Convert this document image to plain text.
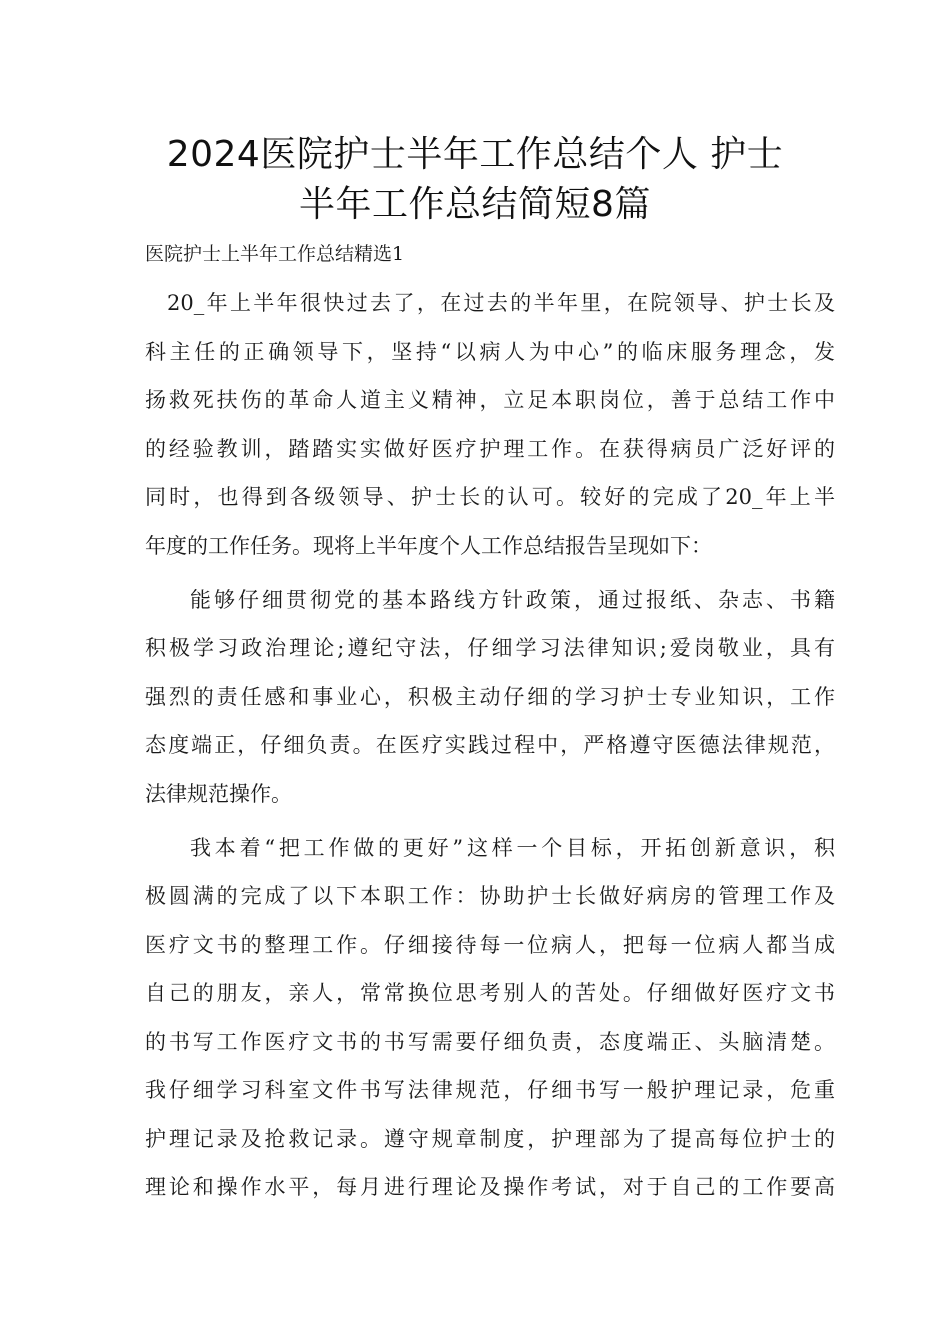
2024医院护士半年工作总结个人 护士
半年工作总结简短8篇
医院护士上半年工作总结精选1
20_年上半年很快过去了，在过去的半年里，在院领导、护士长及
科主任的正确领导下，坚持“以病人为中心”的临床服务理念，发
扬救死扶伤的革命人道主义精神，立足本职岗位，善于总结工作中
的经验教训，踏踏实实做好医疗护理工作。在获得病员广泛好评的
同时，也得到各级领导、护士长的认可。较好的完成了20_年上半
年度的工作任务。现将上半年度个人工作总结报告呈现如下：
能够仔细贯彻党的基本路线方针政策，通过报纸、杂志、书籍
积极学习政治理论;遵纪守法，仔细学习法律知识;爱岗敬业，具有
强烈的责任感和事业心，积极主动仔细的学习护士专业知识，工作
态度端正，仔细负责。在医疗实践过程中，严格遵守医德法律规范，
法律规范操作。
我本着“把工作做的更好”这样一个目标，开拓创新意识，积
极圆满的完成了以下本职工作：协助护士长做好病房的管理工作及
医疗文书的整理工作。仔细接待每一位病人，把每一位病人都当成
自己的朋友，亲人，常常换位思考别人的苦处。仔细做好医疗文书
的书写工作医疗文书的书写需要仔细负责，态度端正、头脑清楚。
我仔细学习科室文件书写法律规范，仔细书写一般护理记录，危重
护理记录及抢救记录。遵守规章制度，护理部为了提高每位护士的
理论和操作水平，每月进行理论及操作考试，对于自己的工作要高
